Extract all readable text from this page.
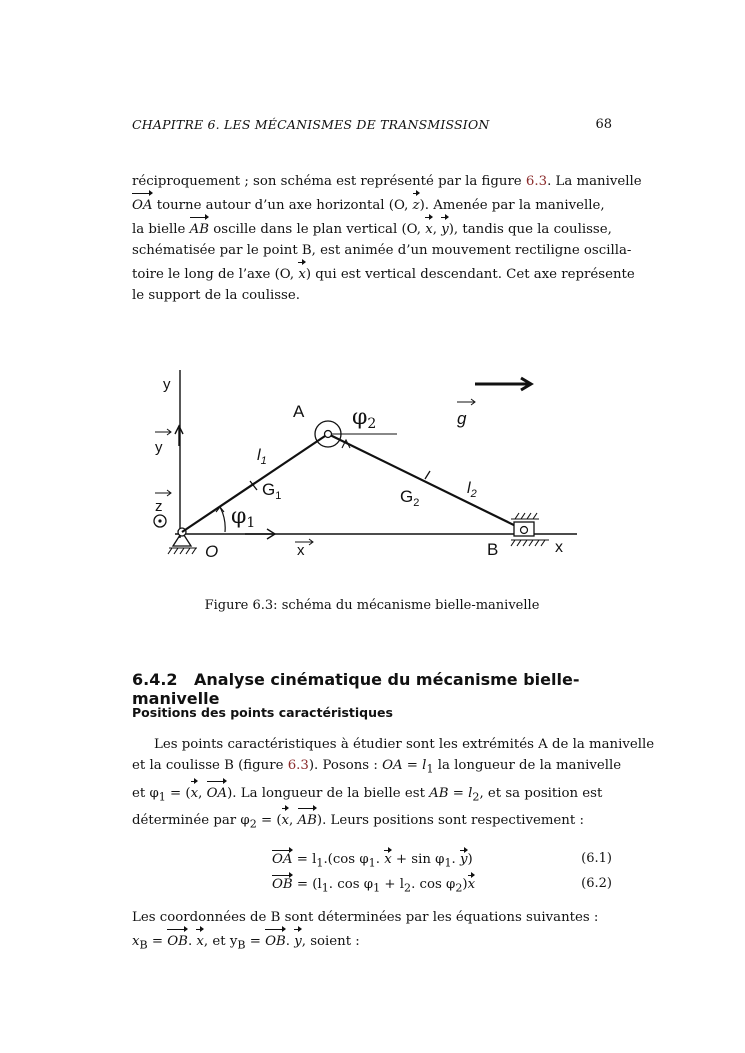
CHAPITRE 6. LES MÉCANISMES DE TRANSMISSION	68
réciproquement ; son schéma est représenté par la figure 6.3. La manivelle
OA tourne autour d’un axe horizontal (O, z). Amenée par la manivelle,
la bielle AB oscille dans le plan vertical (O, x, y), tandis que la coulisse,
schématisée par le point B, est animée d’un mouvement rectiligne oscilla-
toire le long de l’axe (O, x) qui est vertical descendant. Cet axe représente
le support de la coulisse.
y
y
z
x
O
A φ2
φ1
$l_1$
$G_1$	$l_2$
$G_2$
B	x
g
Figure 6.3: schéma du mécanisme bielle-manivelle
6.4.2 Analyse cinématique du mécanisme bielle-manivelle
Positions des points caractéristiques
Les points caractéristiques à étudier sont les extrémités A de la manivelle
et la coulisse B (figure 6.3). Posons : OA = $l_1$ la longueur de la manivelle
et $\varphi_1 = (x$, OA). La longueur de la bielle est AB = $l_2$, et sa position est
déterminée par $\varphi_2 = (x$, AB). Leurs positions sont respectivement :
OA = $l_1.(\cos$ $\varphi_1$. $x + \sin \varphi_1$. y)	(6.1)
OB = ($l_1$. $\cos \varphi_1 + l_2$. $\cos \varphi_2)x$	(6.2)
Les coordonnées de B sont déterminées par les équations suivantes :
$x_B$ = OB. x, et $y_B$ = OB. y, soient :
